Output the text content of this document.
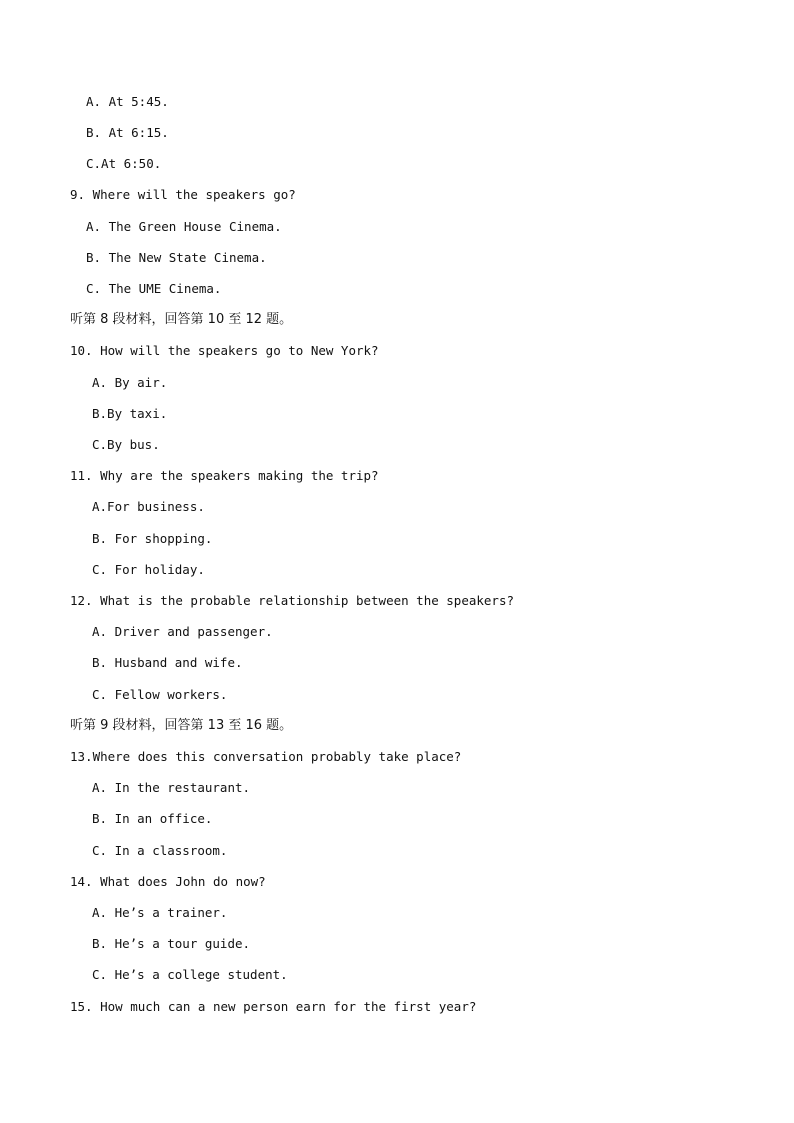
A. At 5:45.
B. At 6:15.
C.At 6:50.
9. Where will the speakers go?
A. The Green House Cinema.
B. The New State Cinema.
C. The UME Cinema.
听第 8 段材料，回答第 10 至 12 题。
10. How will the speakers go to New York?
A. By air.
B.By taxi.
C.By bus.
11. Why are the speakers making the trip?
A.For business.
B. For shopping.
C. For holiday.
12. What is the probable relationship between the speakers?
A. Driver and passenger.
B. Husband and wife.
C. Fellow workers.
听第 9 段材料，回答第 13 至 16 题。
13.Where does this conversation probably take place?
A. In the restaurant.
B. In an office.
C. In a classroom.
14. What does John do now?
A. He’s a trainer.
B. He’s a tour guide.
C. He’s a college student.
15. How much can a new person earn for the first year?
